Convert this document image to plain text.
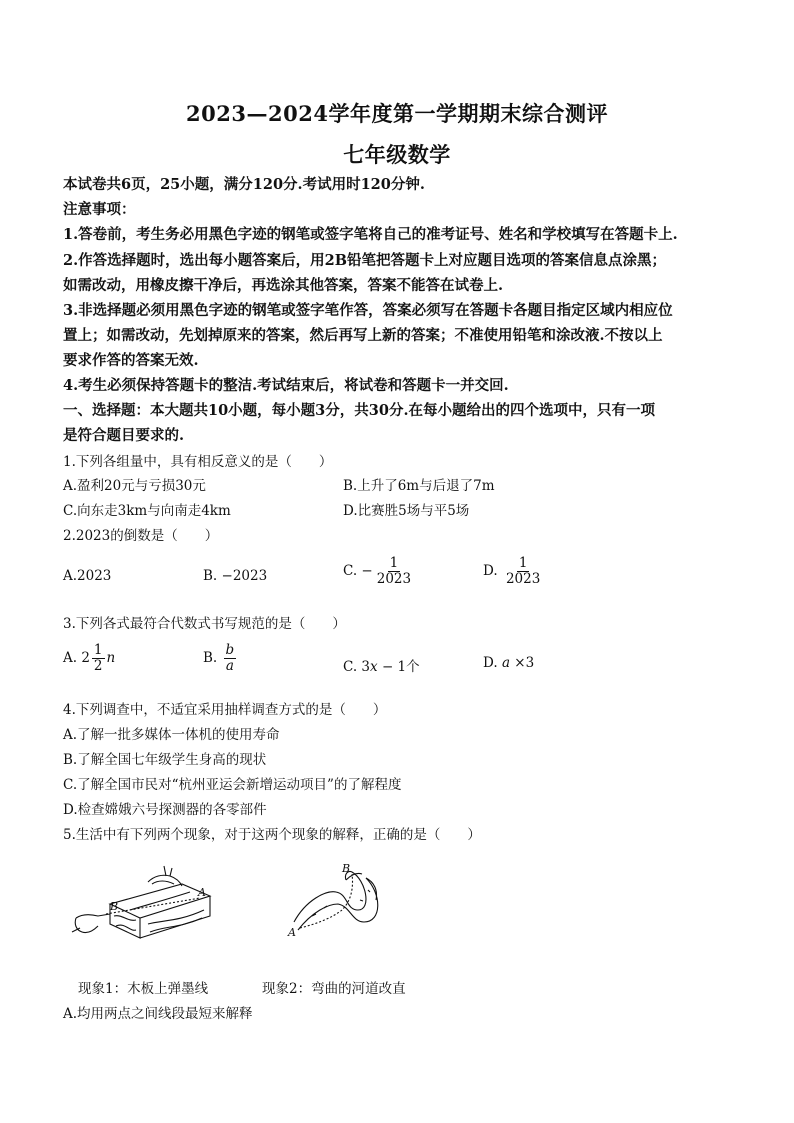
2023—2024学年度第一学期期末综合测评
七年级数学
本试卷共6页，25小题，满分120分.考试用时120分钟.
注意事项：
1.答卷前，考生务必用黑色字迹的钢笔或签字笔将自己的准考证号、姓名和学校填写在答题卡上.
2.作答选择题时，选出每小题答案后，用2B铅笔把答题卡上对应题目选项的答案信息点涂黑；
如需改动，用橡皮擦干净后，再选涂其他答案，答案不能答在试卷上.
3.非选择题必须用黑色字迹的钢笔或签字笔作答，答案必须写在答题卡各题目指定区域内相应位
置上；如需改动，先划掉原来的答案，然后再写上新的答案；不准使用铅笔和涂改液.不按以上
要求作答的答案无效.
4.考生必须保持答题卡的整洁.考试结束后，将试卷和答题卡一并交回.
一、选择题：本大题共10小题，每小题3分，共30分.在每小题给出的四个选项中，只有一项
是符合题目要求的.
1.下列各组量中，具有相反意义的是（　　）
A.盈利20元与亏损30元	B.上升了6m与后退了7m
C.向东走3km与向南走4km	D.比赛胜5场与平5场
2.2023的倒数是（　　）
A.2023	B. −2023	C. − $\frac{1}{2023}$	D. $\frac{1}{2023}$
3.下列各式最符合代数式书写规范的是（　　）
A. $2 \frac{1}{2}$ n	B. $\frac{b}{a}$	C. 3x − 1个	D. a ×3
4.下列调查中，不适宜采用抽样调查方式的是（　　）
A.了解一批多媒体一体机的使用寿命
B.了解全国七年级学生身高的现状
C.了解全国市民对“杭州亚运会新增运动项目”的了解程度
D.检查嫦娥六号探测器的各零部件
5.生活中有下列两个现象，对于这两个现象的解释，正确的是（　　）
B
A
A
B
现象1：木板上弹墨线	现象2：弯曲的河道改直
A.均用两点之间线段最短来解释
